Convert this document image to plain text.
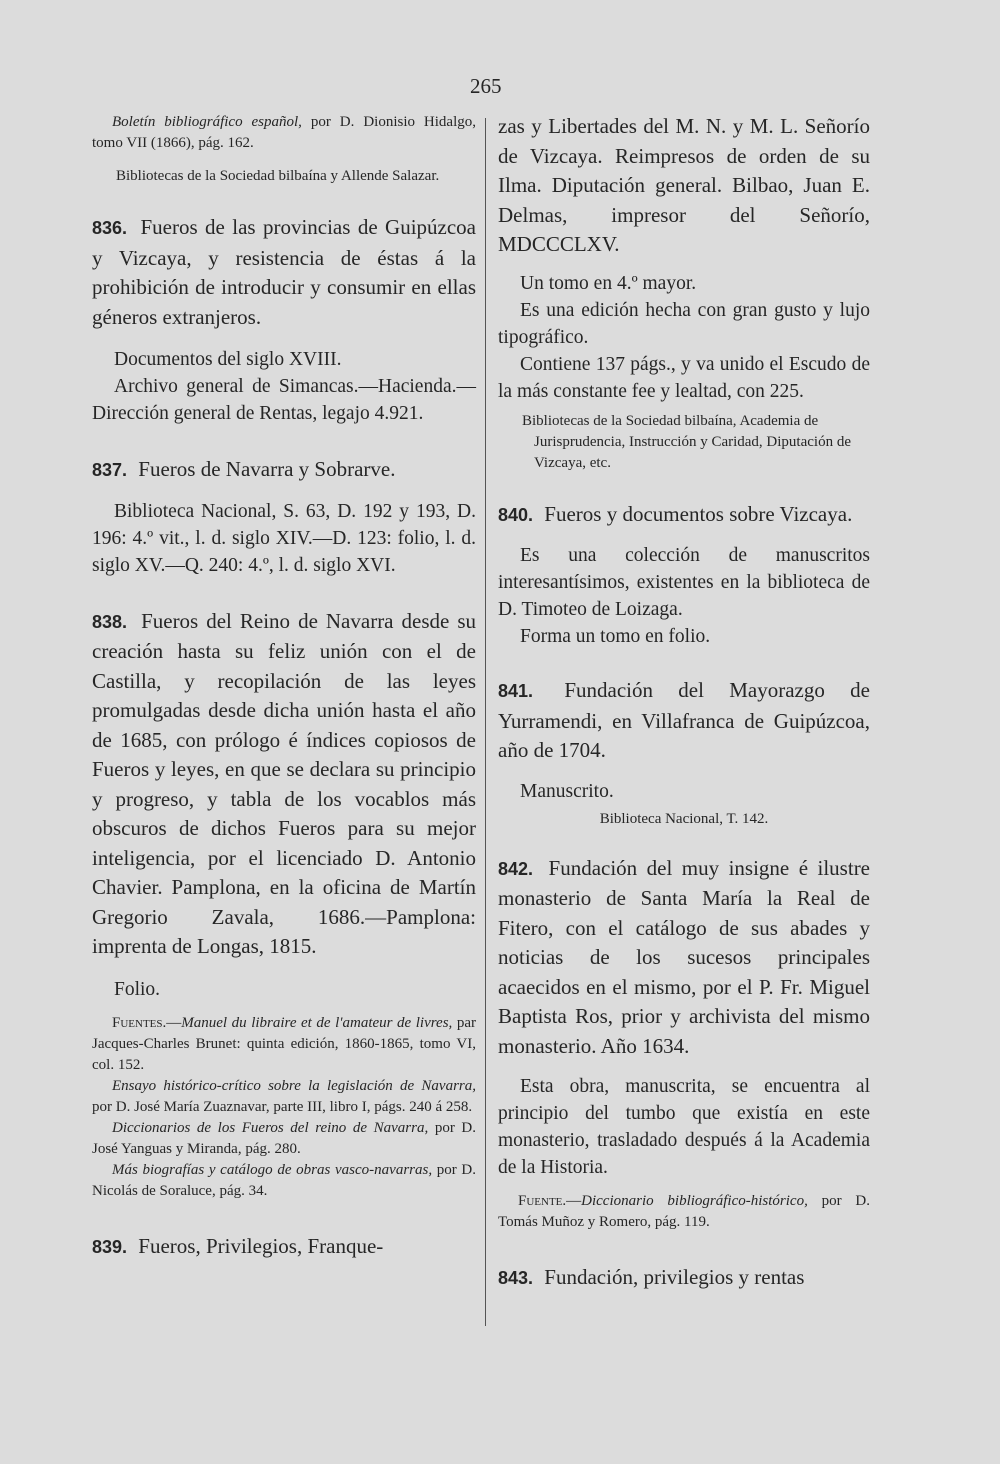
265

Boletín bibliográfico español, por D. Dionisio Hidalgo, tomo VII (1866), pág. 162.

Bibliotecas de la Sociedad bilbaína y Allende Salazar.

836. Fueros de las provincias de Guipúzcoa y Vizcaya, y resistencia de éstas á la prohibición de introducir y consumir en ellas géneros extranjeros.

Documentos del siglo XVIII.

Archivo general de Simancas.—Hacienda.—Dirección general de Rentas, legajo 4.921.

837. Fueros de Navarra y Sobrarve.

Biblioteca Nacional, S. 63, D. 192 y 193, D. 196: 4.º vit., l. d. siglo XIV.—D. 123: folio, l. d. siglo XV.—Q. 240: 4.º, l. d. siglo XVI.

838. Fueros del Reino de Navarra desde su creación hasta su feliz unión con el de Castilla, y recopilación de las leyes promulgadas desde dicha unión hasta el año de 1685, con prólogo é índices copiosos de Fueros y leyes, en que se declara su principio y progreso, y tabla de los vocablos más obscuros de dichos Fueros para su mejor inteligencia, por el licenciado D. Antonio Chavier. Pamplona, en la oficina de Martín Gregorio Zavala, 1686.—Pamplona: imprenta de Longas, 1815.

Folio.

Fuentes.—Manuel du libraire et de l'amateur de livres, par Jacques-Charles Brunet: quinta edición, 1860-1865, tomo VI, col. 152.

Ensayo histórico-crítico sobre la legislación de Navarra, por D. José María Zuaznavar, parte III, libro I, págs. 240 á 258.

Diccionarios de los Fueros del reino de Navarra, por D. José Yanguas y Miranda, pág. 280.

Más biografías y catálogo de obras vasco-navarras, por D. Nicolás de Soraluce, pág. 34.

839. Fueros, Privilegios, Franque-

zas y Libertades del M. N. y M. L. Señorío de Vizcaya. Reimpresos de orden de su Ilma. Diputación general. Bilbao, Juan E. Delmas, impresor del Señorío, MDCCCLXV.

Un tomo en 4.º mayor.

Es una edición hecha con gran gusto y lujo tipográfico.

Contiene 137 págs., y va unido el Escudo de la más constante fee y lealtad, con 225.

Bibliotecas de la Sociedad bilbaína, Academia de Jurisprudencia, Instrucción y Caridad, Diputación de Vizcaya, etc.

840. Fueros y documentos sobre Vizcaya.

Es una colección de manuscritos interesantísimos, existentes en la biblioteca de D. Timoteo de Loizaga.

Forma un tomo en folio.

841. Fundación del Mayorazgo de Yurramendi, en Villafranca de Guipúzcoa, año de 1704.

Manuscrito.

Biblioteca Nacional, T. 142.

842. Fundación del muy insigne é ilustre monasterio de Santa María la Real de Fitero, con el catálogo de sus abades y noticias de los sucesos principales acaecidos en el mismo, por el P. Fr. Miguel Baptista Ros, prior y archivista del mismo monasterio. Año 1634.

Esta obra, manuscrita, se encuentra al principio del tumbo que existía en este monasterio, trasladado después á la Academia de la Historia.

Fuente.—Diccionario bibliográfico-histórico, por D. Tomás Muñoz y Romero, pág. 119.

843. Fundación, privilegios y rentas
